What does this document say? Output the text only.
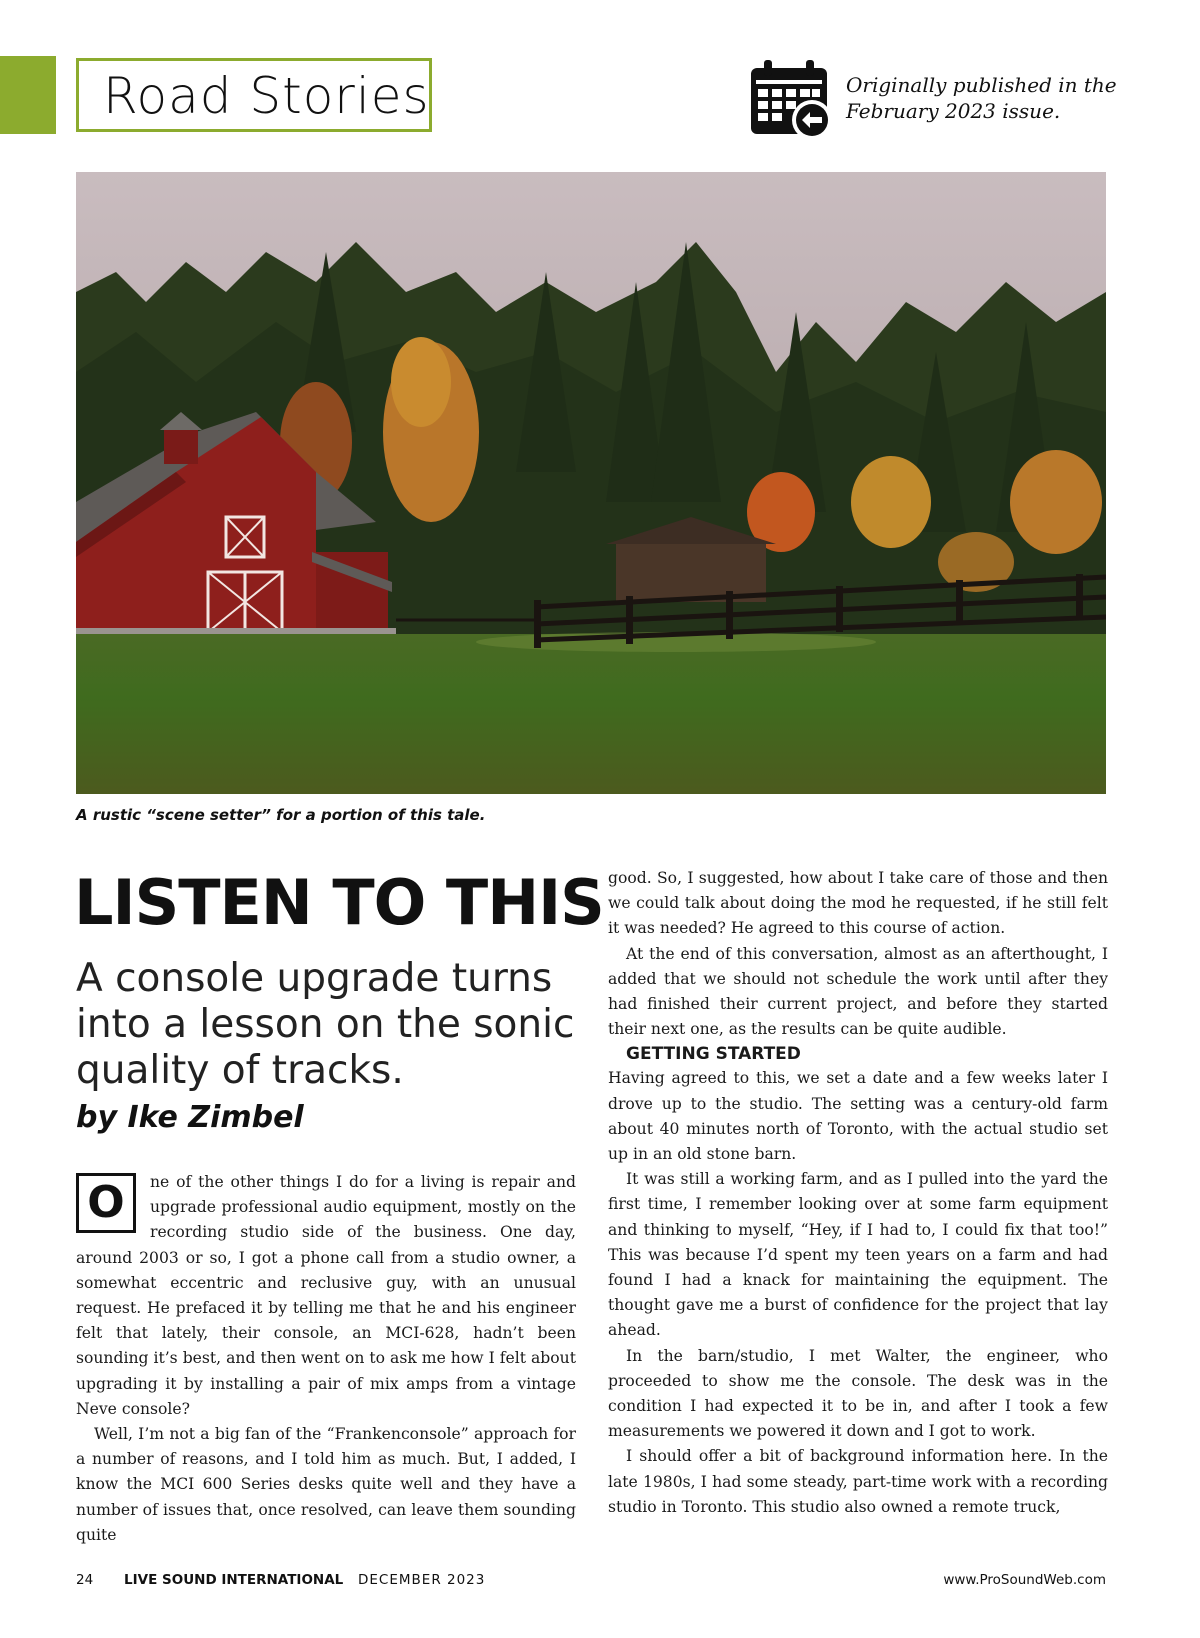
Road Stories	Originally published in the
February 2023 issue.
A rustic “scene setter” for a portion of this tale.
LISTEN TO THIS
A console upgrade turns into a lesson on the sonic quality of tracks.
by Ike Zimbel
O	ne of the other things I do for a living is repair and upgrade professional audio equipment, mostly on the recording studio side of the business. One day, around 2003 or so, I got a phone call from a studio owner, a somewhat eccentric and reclusive guy, with an unusual request. He prefaced it by telling me that he and his engineer felt that lately, their console, an MCI-628, hadn’t been sounding it’s best, and then went on to ask me how I felt about upgrading it by installing a pair of mix amps from a vintage Neve console?

Well, I’m not a big fan of the “Frankenconsole” approach for a number of reasons, and I told him as much. But, I added, I know the MCI 600 Series desks quite well and they have a number of issues that, once resolved, can leave them sounding quite

good. So, I suggested, how about I take care of those and then we could talk about doing the mod he requested, if he still felt it was needed? He agreed to this course of action.

At the end of this conversation, almost as an afterthought, I added that we should not schedule the work until after they had finished their current project, and before they started their next one, as the results can be quite audible.

GETTING STARTED

Having agreed to this, we set a date and a few weeks later I drove up to the studio. The setting was a century-old farm about 40 minutes north of Toronto, with the actual studio set up in an old stone barn.

It was still a working farm, and as I pulled into the yard the first time, I remember looking over at some farm equipment and thinking to myself, “Hey, if I had to, I could fix that too!” This was because I’d spent my teen years on a farm and had found I had a knack for maintaining the equipment. The thought gave me a burst of confidence for the project that lay ahead.

In the barn/studio, I met Walter, the engineer, who proceeded to show me the console. The desk was in the condition I had expected it to be in, and after I took a few measurements we powered it down and I got to work.

I should offer a bit of background information here. In the late 1980s, I had some steady, part-time work with a recording studio in Toronto. This studio also owned a remote truck,

24 LIVE SOUND INTERNATIONAL DECEMBER 2023	www.ProSoundWeb.com
